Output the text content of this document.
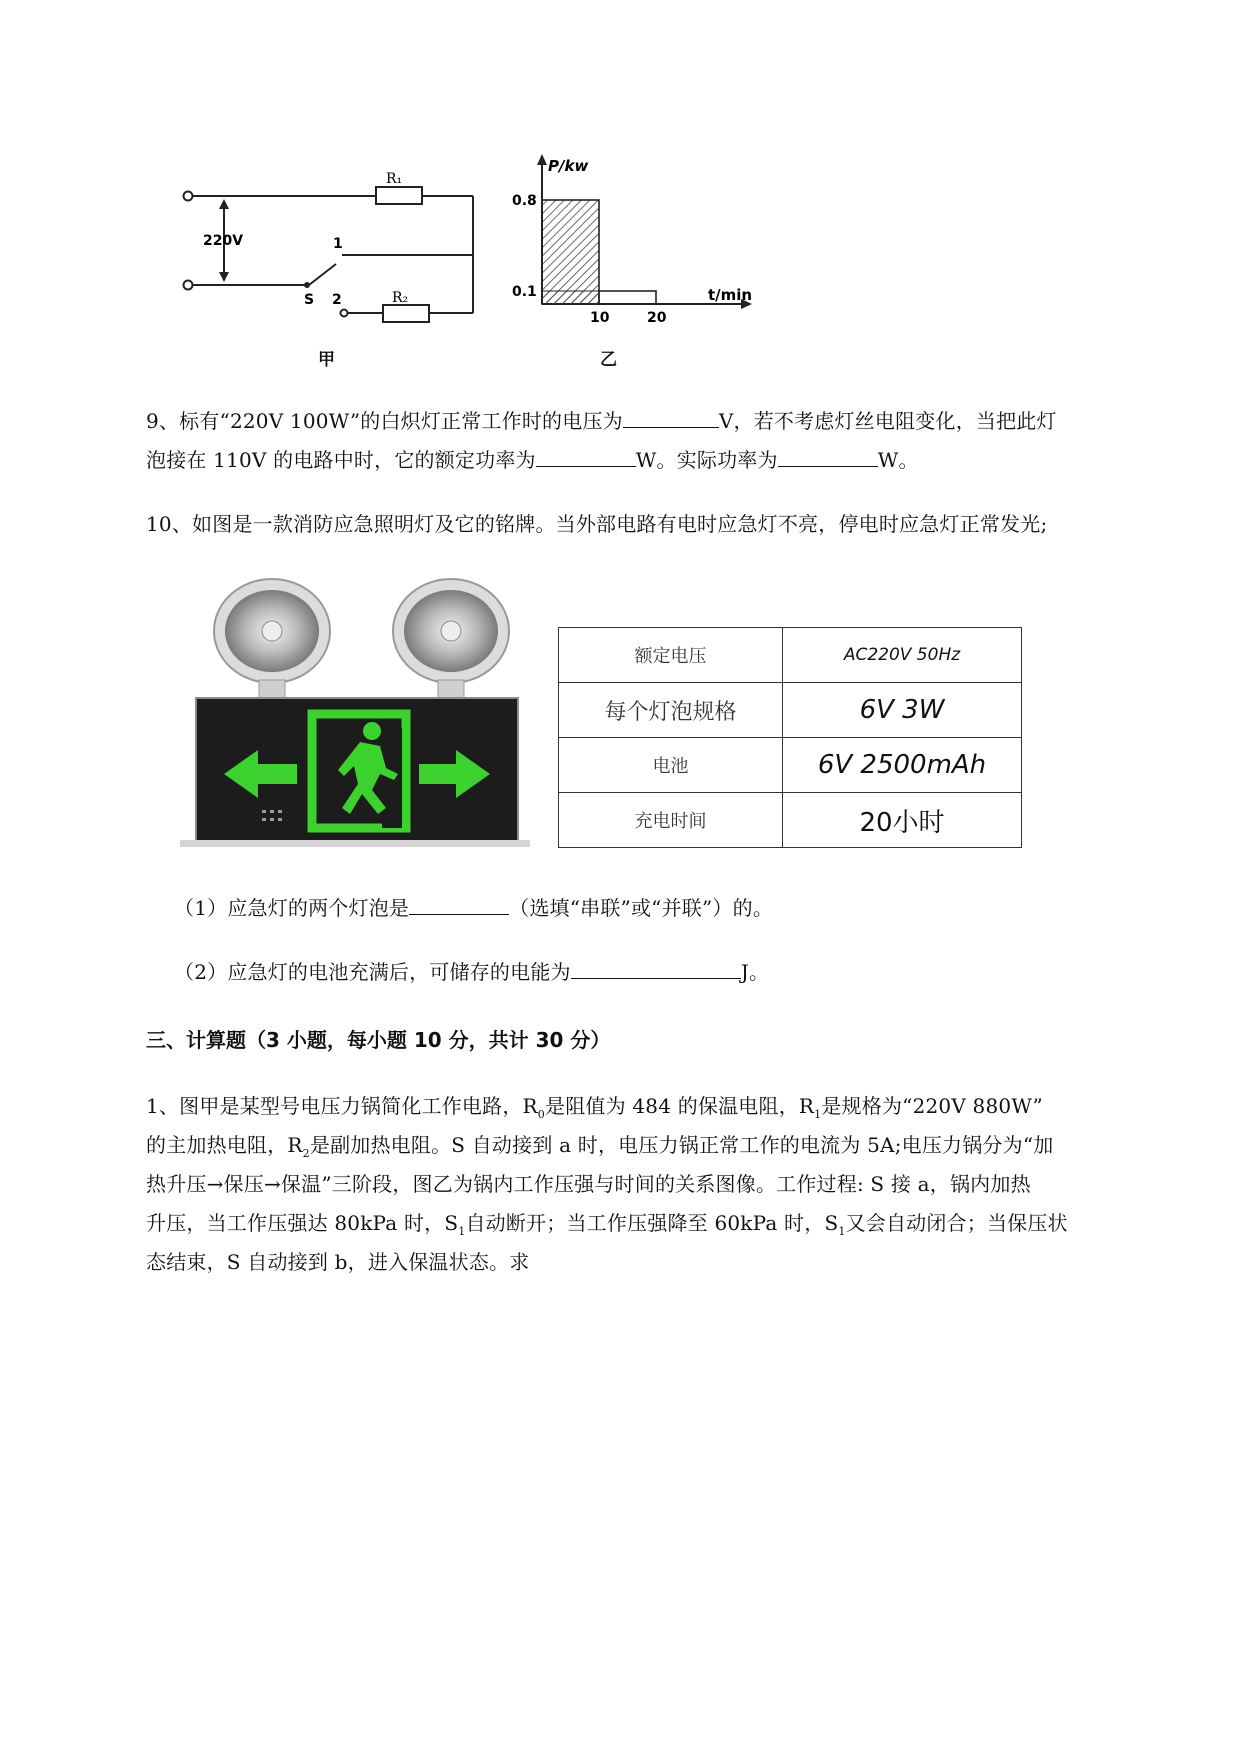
R₁
R₂
220V
S
1
2
甲
0.8
0.1
10	20
P/kw
t/min
乙
9、标有“220V 100W”的白炽灯正常工作时的电压为	V，若不考虑灯丝电阻变化，当把此灯
泡接在 110V 的电路中时，它的额定功率为	W。实际功率为	W。
10、如图是一款消防应急照明灯及它的铭牌。当外部电路有电时应急灯不亮，停电时应急灯正常发光;
额定电压	AC220V 50Hz
每个灯泡规格	6V 3W
电池	6V 2500mAh
充电时间	20小时
（1）应急灯的两个灯泡是	（选填“串联”或“并联”）的。
（2）应急灯的电池充满后，可储存的电能为	J。
三、计算题（3 小题，每小题 10 分，共计 30 分）
1、图甲是某型号电压力锅简化工作电路，$R_0$是阻值为 484 的保温电阻，$R_1$是规格为“220V 880W”
的主加热电阻，$R_2$是副加热电阻。S 自动接到 a 时，电压力锅正常工作的电流为 5A;电压力锅分为“加
热升压→保压→保温”三阶段，图乙为锅内工作压强与时间的关系图像。工作过程: S 接 a，锅内加热
升压，当工作压强达 80kPa 时，$S_1$自动断开；当工作压强降至 60kPa 时，$S_1$又会自动闭合；当保压状
态结束，S 自动接到 b，进入保温状态。求
